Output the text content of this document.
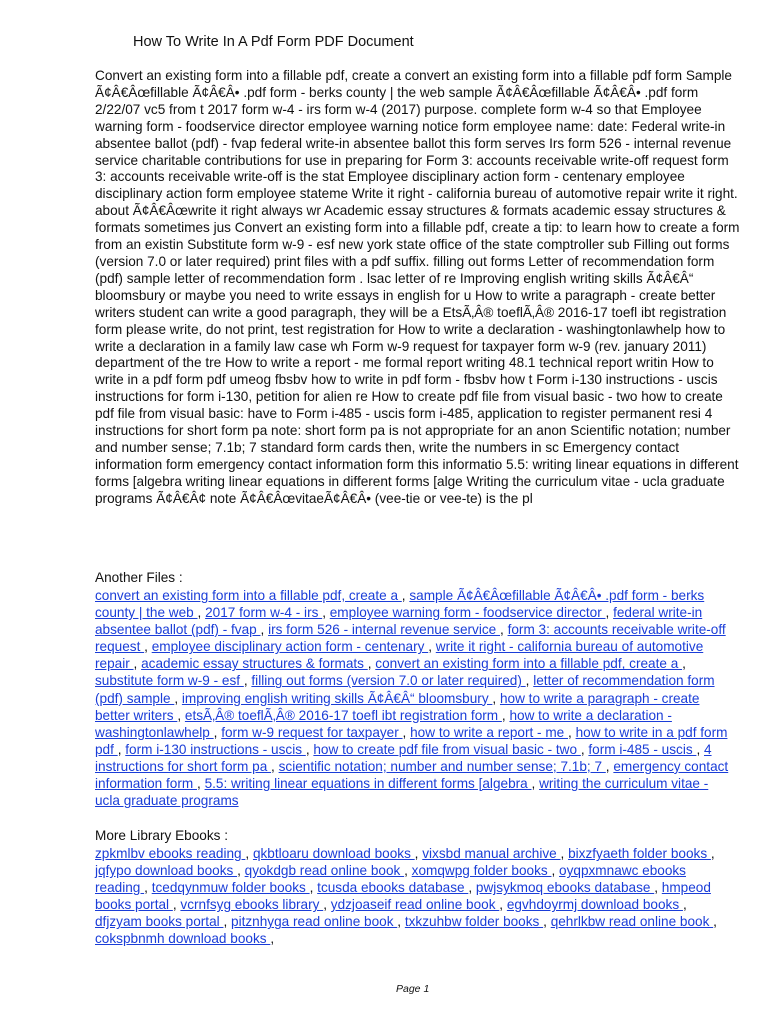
How To Write In A Pdf Form PDF Document

Convert an existing form into a fillable pdf, create a convert an existing form into a fillable pdf form Sample Ã¢Â€Âœfillable Ã¢Â€Â• .pdf form - berks county | the web sample Ã¢Â€Âœfillable Ã¢Â€Â• .pdf form 2/22/07 vc5 from t 2017 form w-4 - irs form w-4 (2017) purpose. complete form w-4 so that Employee warning form - foodservice director employee warning notice form employee name: date: Federal write-in absentee ballot (pdf) - fvap federal write-in absentee ballot this form serves Irs form 526 - internal revenue service charitable contributions for use in preparing for Form 3: accounts receivable write-off request form 3: accounts receivable write-off is the stat Employee disciplinary action form - centenary employee disciplinary action form employee stateme Write it right - california bureau of automotive repair write it right. about Ã¢Â€Âœwrite it right always wr Academic essay structures & formats academic essay structures & formats sometimes jus Convert an existing form into a fillable pdf, create a tip: to learn how to create a form from an existin Substitute form w-9 - esf new york state office of the state comptroller sub Filling out forms (version 7.0 or later required) print files with a pdf suffix. filling out forms Letter of recommendation form (pdf) sample letter of recommendation form . lsac letter of re Improving english writing skills Ã¢Â€Â“ bloomsbury or maybe you need to write essays in english for u How to write a paragraph - create better writers student can write a good paragraph, they will be a EtsÃ‚Â® toeflÃ‚Â® 2016-17 toefl ibt registration form please write, do not print, test registration for How to write a declaration - washingtonlawhelp how to write a declaration in a family law case wh Form w-9 request for taxpayer form w-9 (rev. january 2011) department of the tre How to write a report - me formal report writing 48.1 technical report writin How to write in a pdf form pdf umeog fbsbv how to write in pdf form - fbsbv how t Form i-130 instructions - uscis instructions for form i-130, petition for alien re How to create pdf file from visual basic - two how to create pdf file from visual basic: have to Form i-485 - uscis form i-485, application to register permanent resi 4 instructions for short form pa note: short form pa is not appropriate for an anon Scientific notation; number and number sense; 7.1b; 7 standard form cards then, write the numbers in sc Emergency contact information form emergency contact information form this informatio 5.5: writing linear equations in different forms [algebra writing linear equations in different forms [alge Writing the curriculum vitae - ucla graduate programs Ã¢Â€Â¢ note Ã¢Â€ÂœvitaeÃ¢Â€Â• (vee-tie or vee-te) is the pl

Another Files :
convert an existing form into a fillable pdf, create a , sample Ã¢Â€Âœfillable Ã¢Â€Â• .pdf form - berks county | the web , 2017 form w-4 - irs , employee warning form - foodservice director , federal write-in absentee ballot (pdf) - fvap , irs form 526 - internal revenue service , form 3: accounts receivable write-off request , employee disciplinary action form - centenary , write it right - california bureau of automotive repair , academic essay structures & formats , convert an existing form into a fillable pdf, create a , substitute form w-9 - esf , filling out forms (version 7.0 or later required) , letter of recommendation form (pdf) sample , improving english writing skills Ã¢Â€Â“ bloomsbury , how to write a paragraph - create better writers , etsÃ‚Â® toeflÃ‚Â® 2016-17 toefl ibt registration form , how to write a declaration - washingtonlawhelp , form w-9 request for taxpayer , how to write a report - me , how to write in a pdf form pdf , form i-130 instructions - uscis , how to create pdf file from visual basic - two , form i-485 - uscis , 4 instructions for short form pa , scientific notation; number and number sense; 7.1b; 7 , emergency contact information form , 5.5: writing linear equations in different forms [algebra , writing the curriculum vitae - ucla graduate programs
More Library Ebooks :
zpkmlbv ebooks reading , qkbtloaru download books , vixsbd manual archive , bixzfyaeth folder books , jqfypo download books , qyokdgb read online book , xomqwpg folder books , oyqpxmnawc ebooks reading , tcedqynmuw folder books , tcusda ebooks database , pwjsykmoq ebooks database , hmpeod books portal , vcrnfsyg ebooks library , ydzjoaseif read online book , egvhdoyrmj download books , dfjzyam books portal , pitznhyga read online book , txkzuhbw folder books , qehrlkbw read online book , cokspbnmh download books ,
Page 1
